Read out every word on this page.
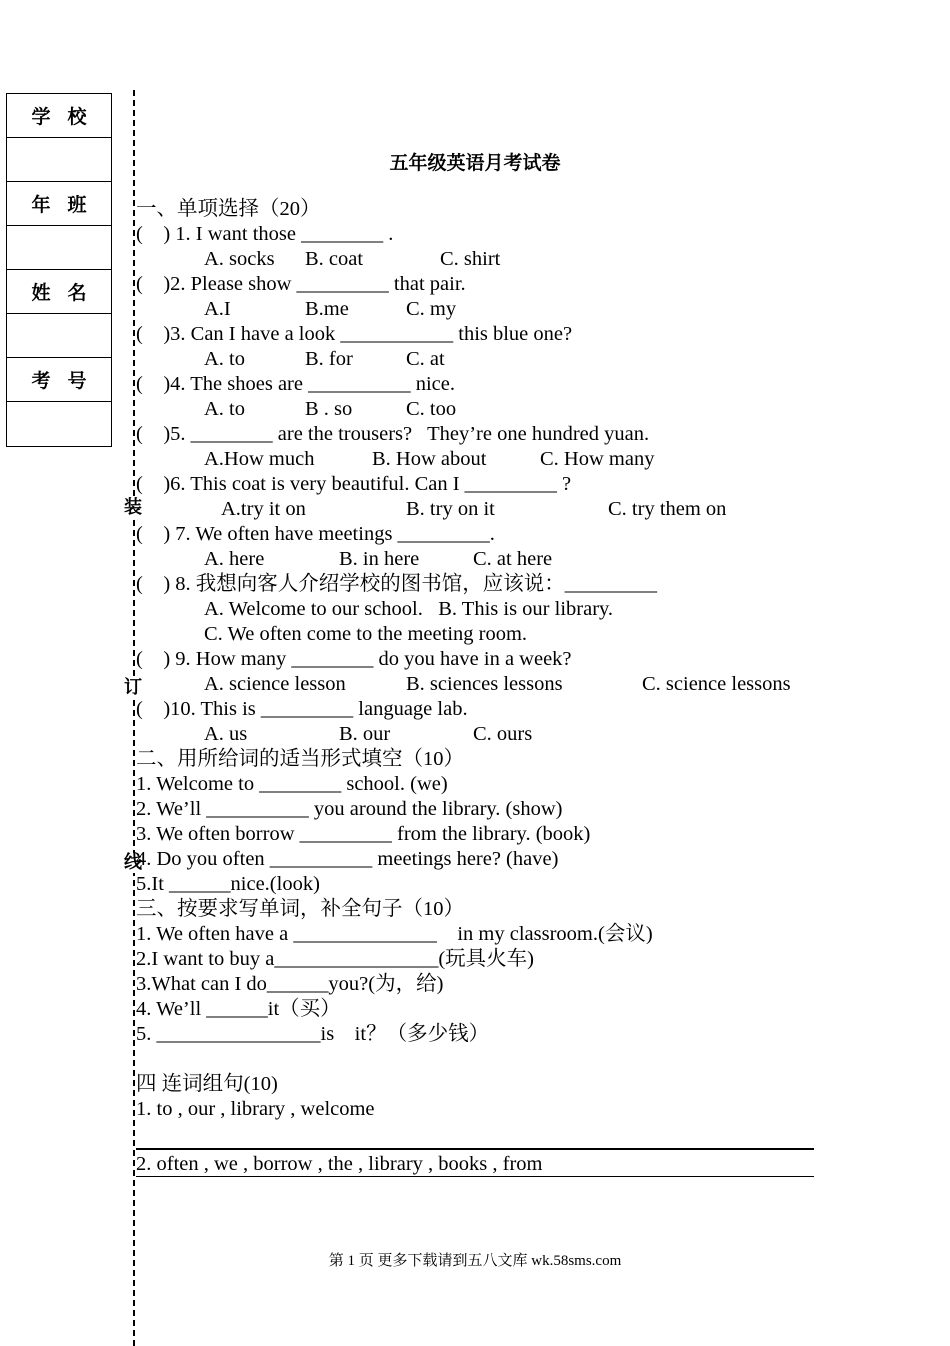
学 校
年 班
姓 名
考 号
装
订
线
五年级英语月考试卷
一、单项选择（20）
(    ) 1. I want those ________ .
A. socks B. coat	C. shirt
(    )2. Please show _________ that pair.
A.I	B.me	C. my
(    )3. Can I have a look ___________ this blue one?
A. to	B. for	C. at
(    )4. The shoes are __________ nice.
A. to	B . so	C. too
(    )5. ________ are the trousers?   They’re one hundred yuan.
A.How much	B. How about	C. How many
(    )6. This coat is very beautiful. Can I _________ ?
A.try it on	B. try on it	C. try them on
(    ) 7. We often have meetings _________.
A. here	B. in here	C. at here
(    ) 8. 我想向客人介绍学校的图书馆，应该说：_________
A. Welcome to our school.   B. This is our library.
C. We often come to the meeting room.
(    ) 9. How many ________ do you have in a week?
A. science lesson	B. sciences lessons	C. science lessons
(    )10. This is _________ language lab.
A. us	B. our	C. ours
二、用所给词的适当形式填空（10）
1. Welcome to ________ school. (we)
2. We’ll __________ you around the library. (show)
3. We often borrow _________ from the library. (book)
4. Do you often __________ meetings here? (have)
5.It ______nice.(look)
三、按要求写单词，补全句子（10）
1. We often have a ______________    in my classroom.(会议)
2.I want to buy a________________(玩具火车)
3.What can I do______you?(为，给)
4. We’ll ______it（买）
5. ________________is    it？（多少钱）
四 连词组句(10)
1. to , our , library , welcome
2. often , we , borrow , the , library , books , from
第 1 页 更多下载请到五八文库 wk.58sms.com
